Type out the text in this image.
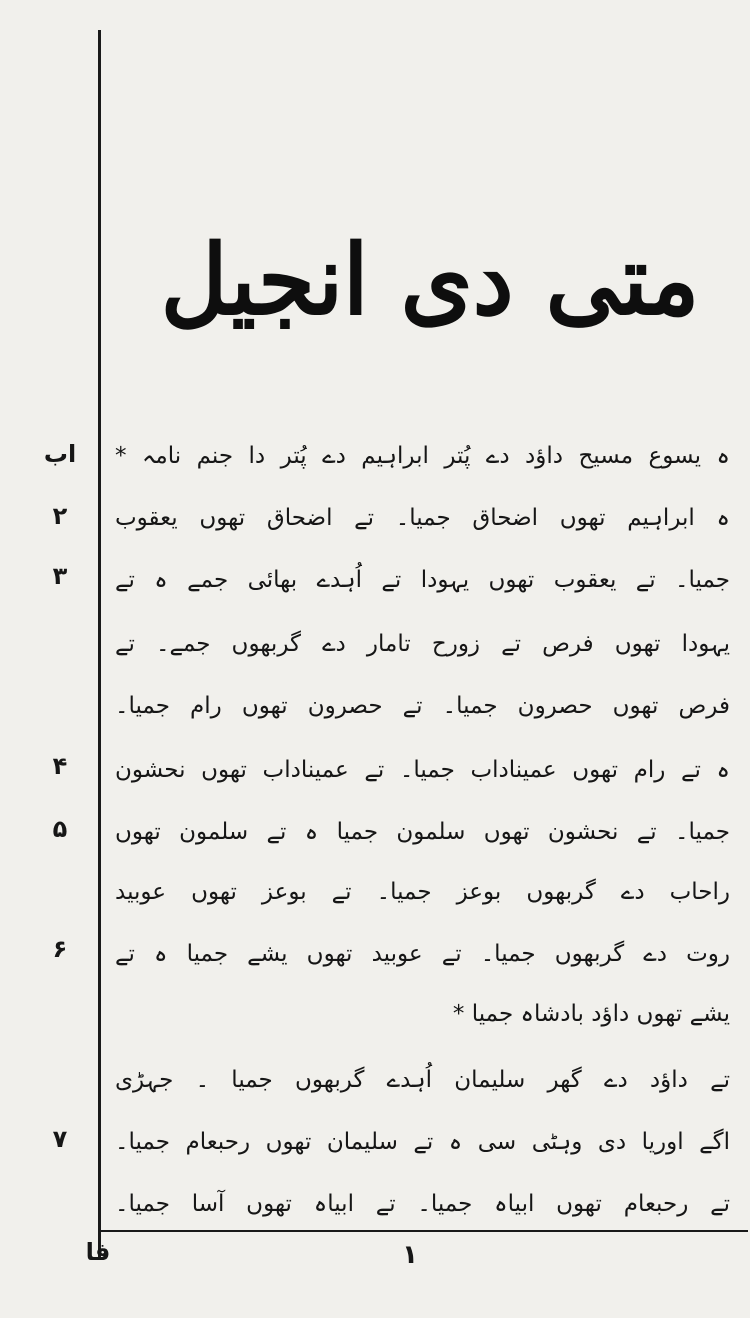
متی دی انجیل
اب
۲
۳
۴
۵
۶
۷
ہ یسوع مسیح داؤد دے پُتر ابراہیم دے پُتر دا جنم نامہ *
ہ ابراہیم تھوں اضحاق جمیا۔ تے اضحاق تھوں یعقوب
جمیا۔ تے یعقوب تھوں یہودا تے اُہدے بھائی جمے ہ تے
یہودا تھوں فرص تے زورح تامار دے گربھوں جمے۔ تے
فرص تھوں حصرون جمیا۔ تے حصرون تھوں رام جمیا۔
ہ تے رام تھوں عمیناداب جمیا۔ تے عمیناداب تھوں نحشون
جمیا۔ تے نحشون تھوں سلمون جمیا ہ تے سلمون تھوں
راحاب دے گربھوں بوعز جمیا۔ تے بوعز تھوں عوبید
روت دے گربھوں جمیا۔ تے عوبید تھوں یشے جمیا ہ تے
یشے تھوں داؤد بادشاہ جمیا *
تے داؤد دے گھر سلیمان اُہدے گربھوں جمیا ۔ جہڑی
اگے اوریا دی وہٹی سی ہ تے سلیمان تھوں رحبعام جمیا۔
تے رحبعام تھوں ابیاہ جمیا۔ تے ابیاہ تھوں آسا جمیا۔
فا	١
